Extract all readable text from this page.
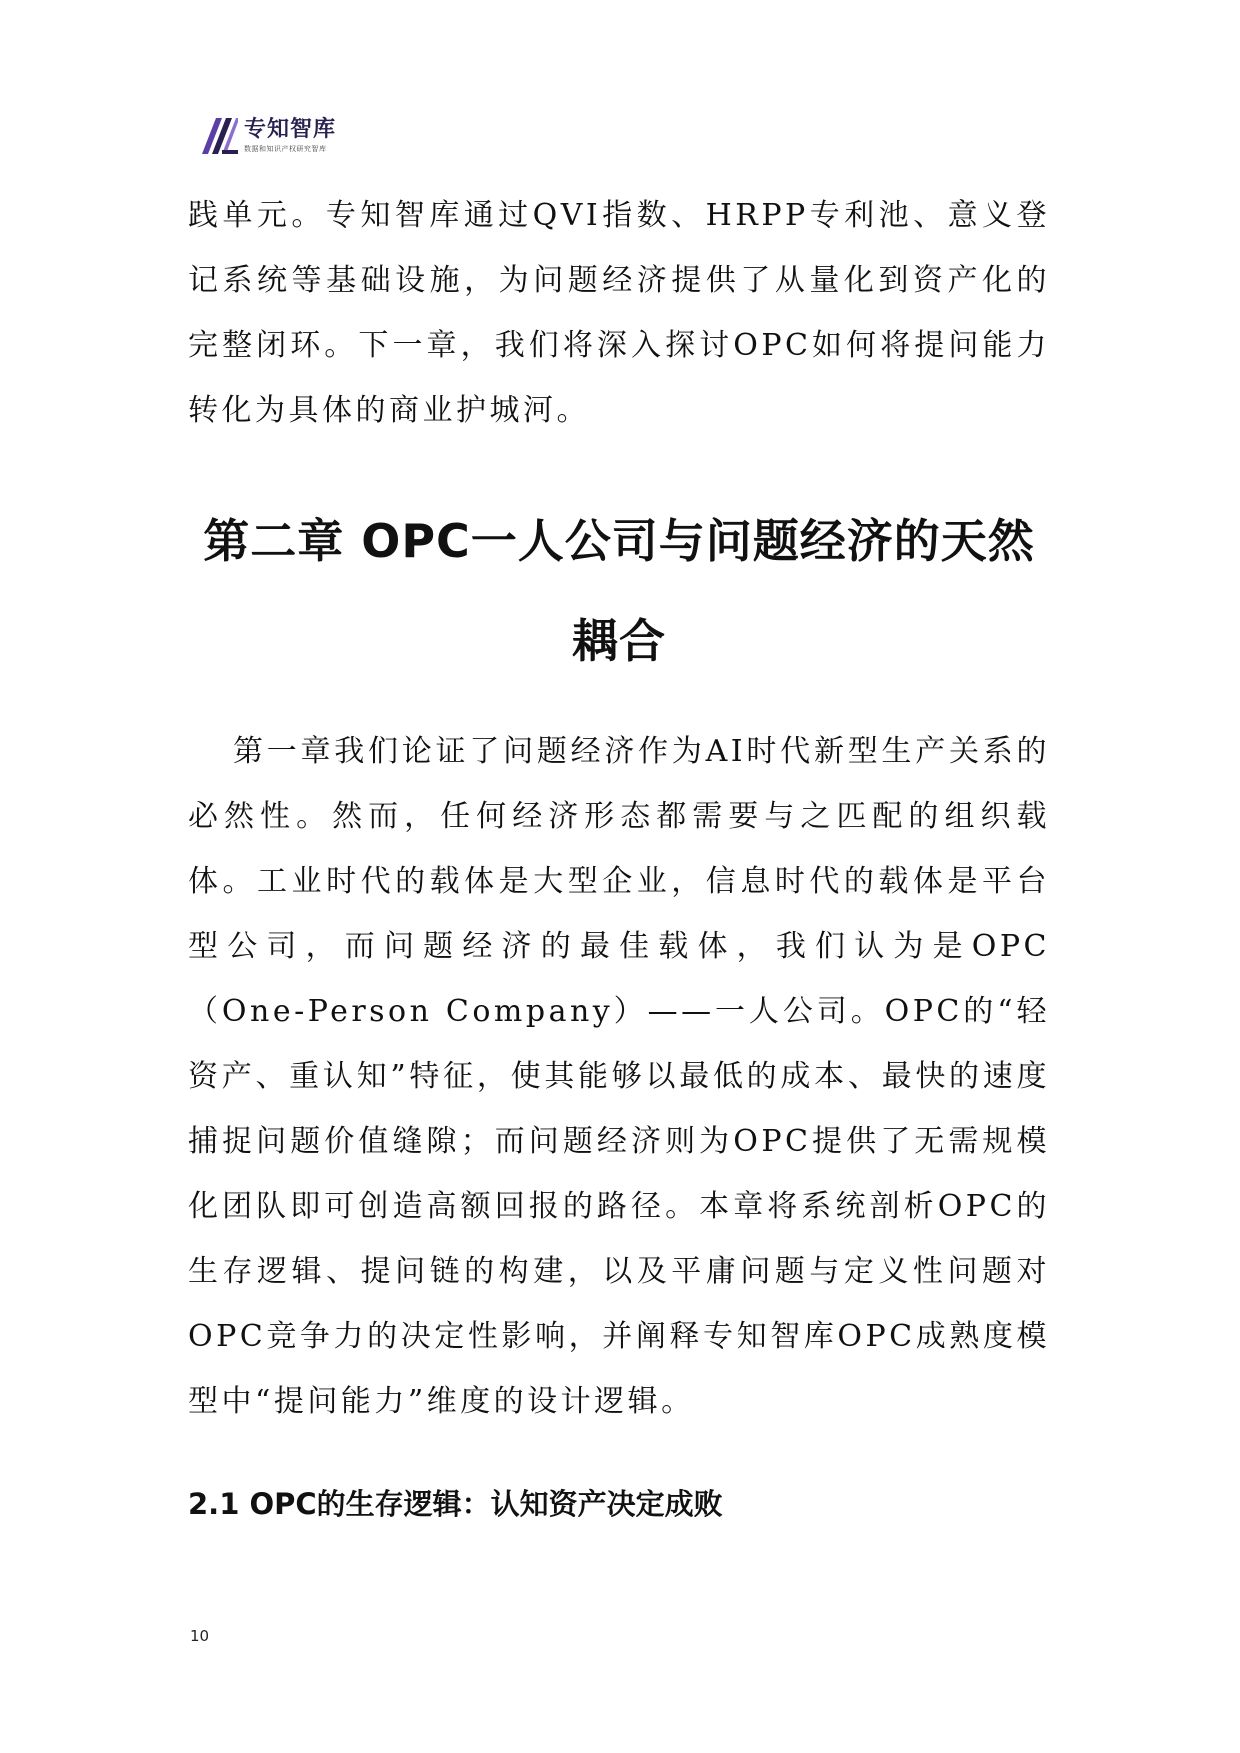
专知智库
数据和知识产权研究智库

践单元。专知智库通过QVI指数、HRPP专利池、意义登记系统等基础设施，为问题经济提供了从量化到资产化的完整闭环。下一章，我们将深入探讨OPC如何将提问能力转化为具体的商业护城河。

第二章 OPC一人公司与问题经济的天然耦合

第一章我们论证了问题经济作为AI时代新型生产关系的必然性。然而，任何经济形态都需要与之匹配的组织载体。工业时代的载体是大型企业，信息时代的载体是平台型公司，而问题经济的最佳载体，我们认为是OPC（One-Person Company）——一人公司。OPC的“轻资产、重认知”特征，使其能够以最低的成本、最快的速度捕捉问题价值缝隙；而问题经济则为OPC提供了无需规模化团队即可创造高额回报的路径。本章将系统剖析OPC的生存逻辑、提问链的构建，以及平庸问题与定义性问题对OPC竞争力的决定性影响，并阐释专知智库OPC成熟度模型中“提问能力”维度的设计逻辑。

2.1 OPC的生存逻辑：认知资产决定成败
10
